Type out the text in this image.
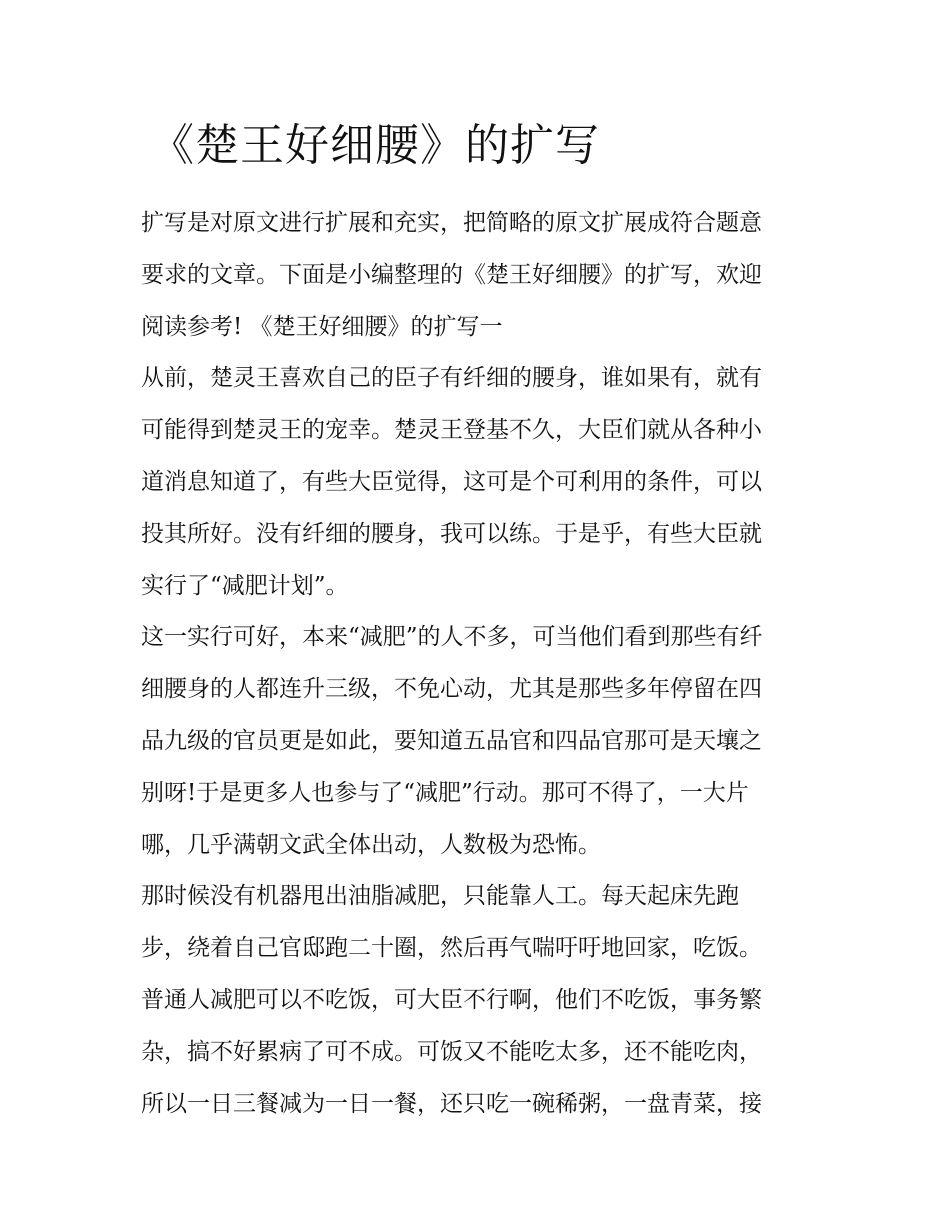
《楚王好细腰》的扩写

扩写是对原文进行扩展和充实，把简略的原文扩展成符合题意

要求的文章。下面是小编整理的《楚王好细腰》的扩写，欢迎

阅读参考! 《楚王好细腰》的扩写一

从前，楚灵王喜欢自己的臣子有纤细的腰身，谁如果有，就有

可能得到楚灵王的宠幸。楚灵王登基不久，大臣们就从各种小

道消息知道了，有些大臣觉得，这可是个可利用的条件，可以

投其所好。没有纤细的腰身，我可以练。于是乎，有些大臣就

实行了“减肥计划”。

这一实行可好，本来“减肥”的人不多，可当他们看到那些有纤

细腰身的人都连升三级，不免心动，尤其是那些多年停留在四

品九级的官员更是如此，要知道五品官和四品官那可是天壤之

别呀!于是更多人也参与了“减肥”行动。那可不得了，一大片

哪，几乎满朝文武全体出动，人数极为恐怖。

那时候没有机器甩出油脂减肥，只能靠人工。每天起床先跑

步，绕着自己官邸跑二十圈，然后再气喘吁吁地回家，吃饭。

普通人减肥可以不吃饭，可大臣不行啊，他们不吃饭，事务繁

杂，搞不好累病了可不成。可饭又不能吃太多，还不能吃肉，

所以一日三餐减为一日一餐，还只吃一碗稀粥，一盘青菜，接
